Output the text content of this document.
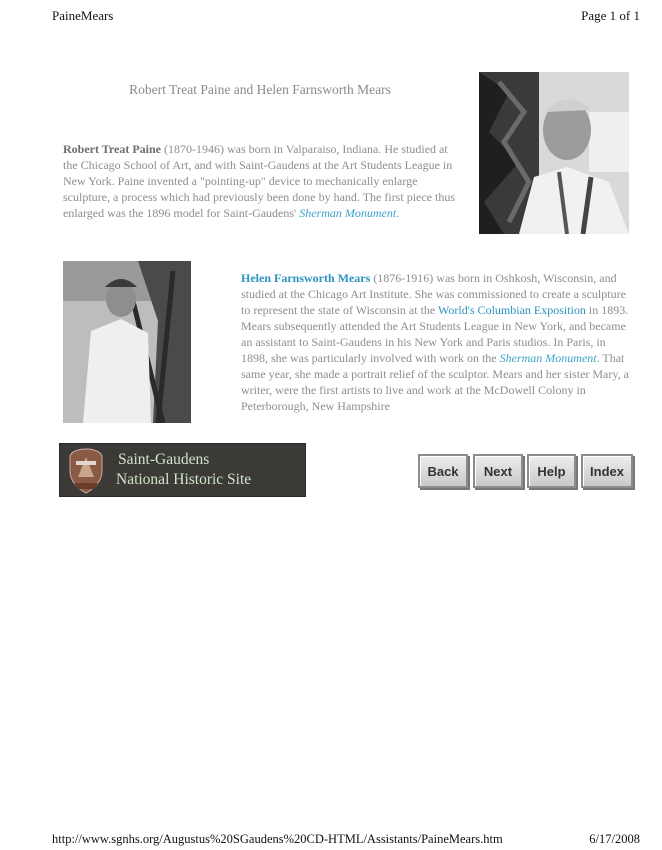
PaineMears	Page 1 of 1
Robert Treat Paine and Helen Farnsworth Mears
Robert Treat Paine (1870-1946) was born in Valparaiso, Indiana. He studied at the Chicago School of Art, and with Saint-Gaudens at the Art Students League in New York. Paine invented a "pointing-up" device to mechanically enlarge sculpture, a process which had previously been done by hand. The first piece thus enlarged was the 1896 model for Saint-Gaudens' Sherman Monument.
Helen Farnsworth Mears (1876-1916) was born in Oshkosh, Wisconsin, and studied at the Chicago Art Institute. She was commissioned to create a sculpture to represent the state of Wisconsin at the World's Columbian Exposition in 1893. Mears subsequently attended the Art Students League in New York, and became an assistant to Saint-Gaudens in his New York and Paris studios. In Paris, in 1898, she was particularly involved with work on the Sherman Monument. That same year, she made a portrait relief of the sculptor. Mears and her sister Mary, a writer, were the first artists to live and work at the McDowell Colony in Peterborough, New Hampshire
Saint-Gaudens
National Historic Site	Back	Next	Help	Index
http://www.sgnhs.org/Augustus%20SGaudens%20CD-HTML/Assistants/PaineMears.htm	6/17/2008
